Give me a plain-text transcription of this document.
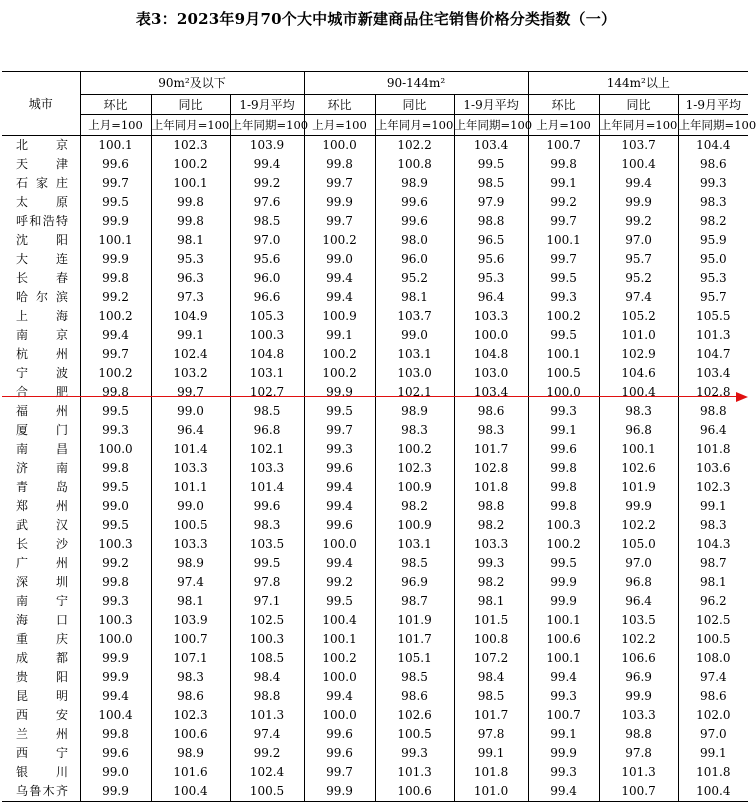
表3：2023年9月70个大中城市新建商品住宅销售价格分类指数（一）
城市	90m²及以下			90-144m²			144m²以上		
	环比	同比	1-9月平均	环比	同比	1-9月平均	环比	同比	1-9月平均
	上月=100	上年同月=100	上年同期=100	上月=100	上年同月=100	上年同期=100	上月=100	上年同月=100	上年同期=100
北京	100.1	102.3	103.9	100.0	102.2	103.4	100.7	103.7	104.4
天津	99.6	100.2	99.4	99.8	100.8	99.5	99.8	100.4	98.6
石家庄	99.7	100.1	99.2	99.7	98.9	98.5	99.1	99.4	99.3
太原	99.5	99.8	97.6	99.9	99.6	97.9	99.2	99.9	98.3
呼和浩特	99.9	99.8	98.5	99.7	99.6	98.8	99.7	99.2	98.2
沈阳	100.1	98.1	97.0	100.2	98.0	96.5	100.1	97.0	95.9
大连	99.9	95.3	95.6	99.0	96.0	95.6	99.7	95.7	95.0
长春	99.8	96.3	96.0	99.4	95.2	95.3	99.5	95.2	95.3
哈尔滨	99.2	97.3	96.6	99.4	98.1	96.4	99.3	97.4	95.7
上海	100.2	104.9	105.3	100.9	103.7	103.3	100.2	105.2	105.5
南京	99.4	99.1	100.3	99.1	99.0	100.0	99.5	101.0	101.3
杭州	99.7	102.4	104.8	100.2	103.1	104.8	100.1	102.9	104.7
宁波	100.2	103.2	103.1	100.2	103.0	103.0	100.5	104.6	103.4
合肥	99.8	99.7	102.7	99.9	102.1	103.4	100.0	100.4	102.8
福州	99.5	99.0	98.5	99.5	98.9	98.6	99.3	98.3	98.8
厦门	99.3	96.4	96.8	99.7	98.3	98.3	99.1	96.8	96.4
南昌	100.0	101.4	102.1	99.3	100.2	101.7	99.6	100.1	101.8
济南	99.8	103.3	103.3	99.6	102.3	102.8	99.8	102.6	103.6
青岛	99.5	101.1	101.4	99.4	100.9	101.8	99.8	101.9	102.3
郑州	99.0	99.0	99.6	99.4	98.2	98.8	99.8	99.9	99.1
武汉	99.5	100.5	98.3	99.6	100.9	98.2	100.3	102.2	98.3
长沙	100.3	103.3	103.5	100.0	103.1	103.3	100.2	105.0	104.3
广州	99.2	98.9	99.5	99.4	98.5	99.3	99.5	97.0	98.7
深圳	99.8	97.4	97.8	99.2	96.9	98.2	99.9	96.8	98.1
南宁	99.3	98.1	97.1	99.5	98.7	98.1	99.9	96.4	96.2
海口	100.3	103.9	102.5	100.4	101.9	101.5	100.1	103.5	102.5
重庆	100.0	100.7	100.3	100.1	101.7	100.8	100.6	102.2	100.5
成都	99.9	107.1	108.5	100.2	105.1	107.2	100.1	106.6	108.0
贵阳	99.9	98.3	98.4	100.0	98.5	98.4	99.4	96.9	97.4
昆明	99.4	98.6	98.8	99.4	98.6	98.5	99.3	99.9	98.6
西安	100.4	102.3	101.3	100.0	102.6	101.7	100.7	103.3	102.0
兰州	99.8	100.6	97.4	99.6	100.5	97.8	99.1	98.8	97.0
西宁	99.6	98.9	99.2	99.6	99.3	99.1	99.9	97.8	99.1
银川	99.0	101.6	102.4	99.7	101.3	101.8	99.3	101.3	101.8
乌鲁木齐	99.9	100.4	100.5	99.9	100.6	101.0	99.4	100.7	100.4
